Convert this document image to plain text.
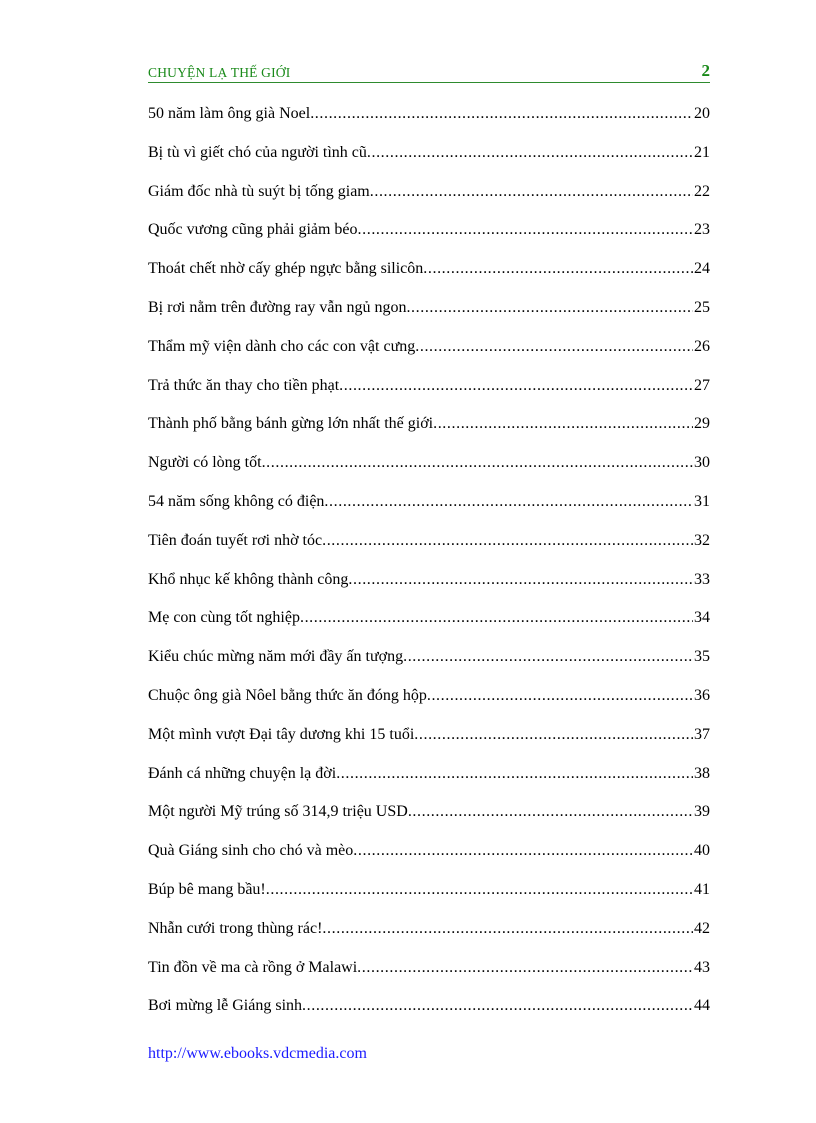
CHUYỆN LẠ THẾ GIỚI	2
50 năm làm ông già Noel .....	20
Bị tù vì giết chó của người tình cũ .....	21
Giám đốc nhà tù suýt bị tống giam .....	22
Quốc vương cũng phải giảm béo .....	23
Thoát chết nhờ cấy ghép ngực bằng silicôn .....	24
Bị rơi nằm trên đường ray vẫn ngủ ngon .....	25
Thẩm mỹ viện dành cho các con vật cưng .....	26
Trả thức ăn thay cho tiền phạt .....	27
Thành phố bằng bánh gừng lớn nhất thế giới .....	29
Người có lòng tốt .....	30
54 năm sống không có điện .....	31
Tiên đoán tuyết rơi nhờ tóc .....	32
Khổ nhục kế không thành công .....	33
Mẹ con cùng tốt nghiệp .....	34
Kiểu chúc mừng năm mới đầy ấn tượng .....	35
Chuộc ông già Nôel bằng thức ăn đóng hộp .....	36
Một mình vượt Đại tây dương khi 15 tuổi .....	37
Đánh cá những chuyện lạ đời .....	38
Một người Mỹ trúng số 314,9 triệu USD .....	39
Quà Giáng sinh cho chó và mèo .....	40
Búp bê mang bầu! .....	41
Nhẫn cưới trong thùng rác! .....	42
Tin đồn về ma cà rồng ở Malawi .....	43
Bơi mừng lễ Giáng sinh .....	44
http://www.ebooks.vdcmedia.com
